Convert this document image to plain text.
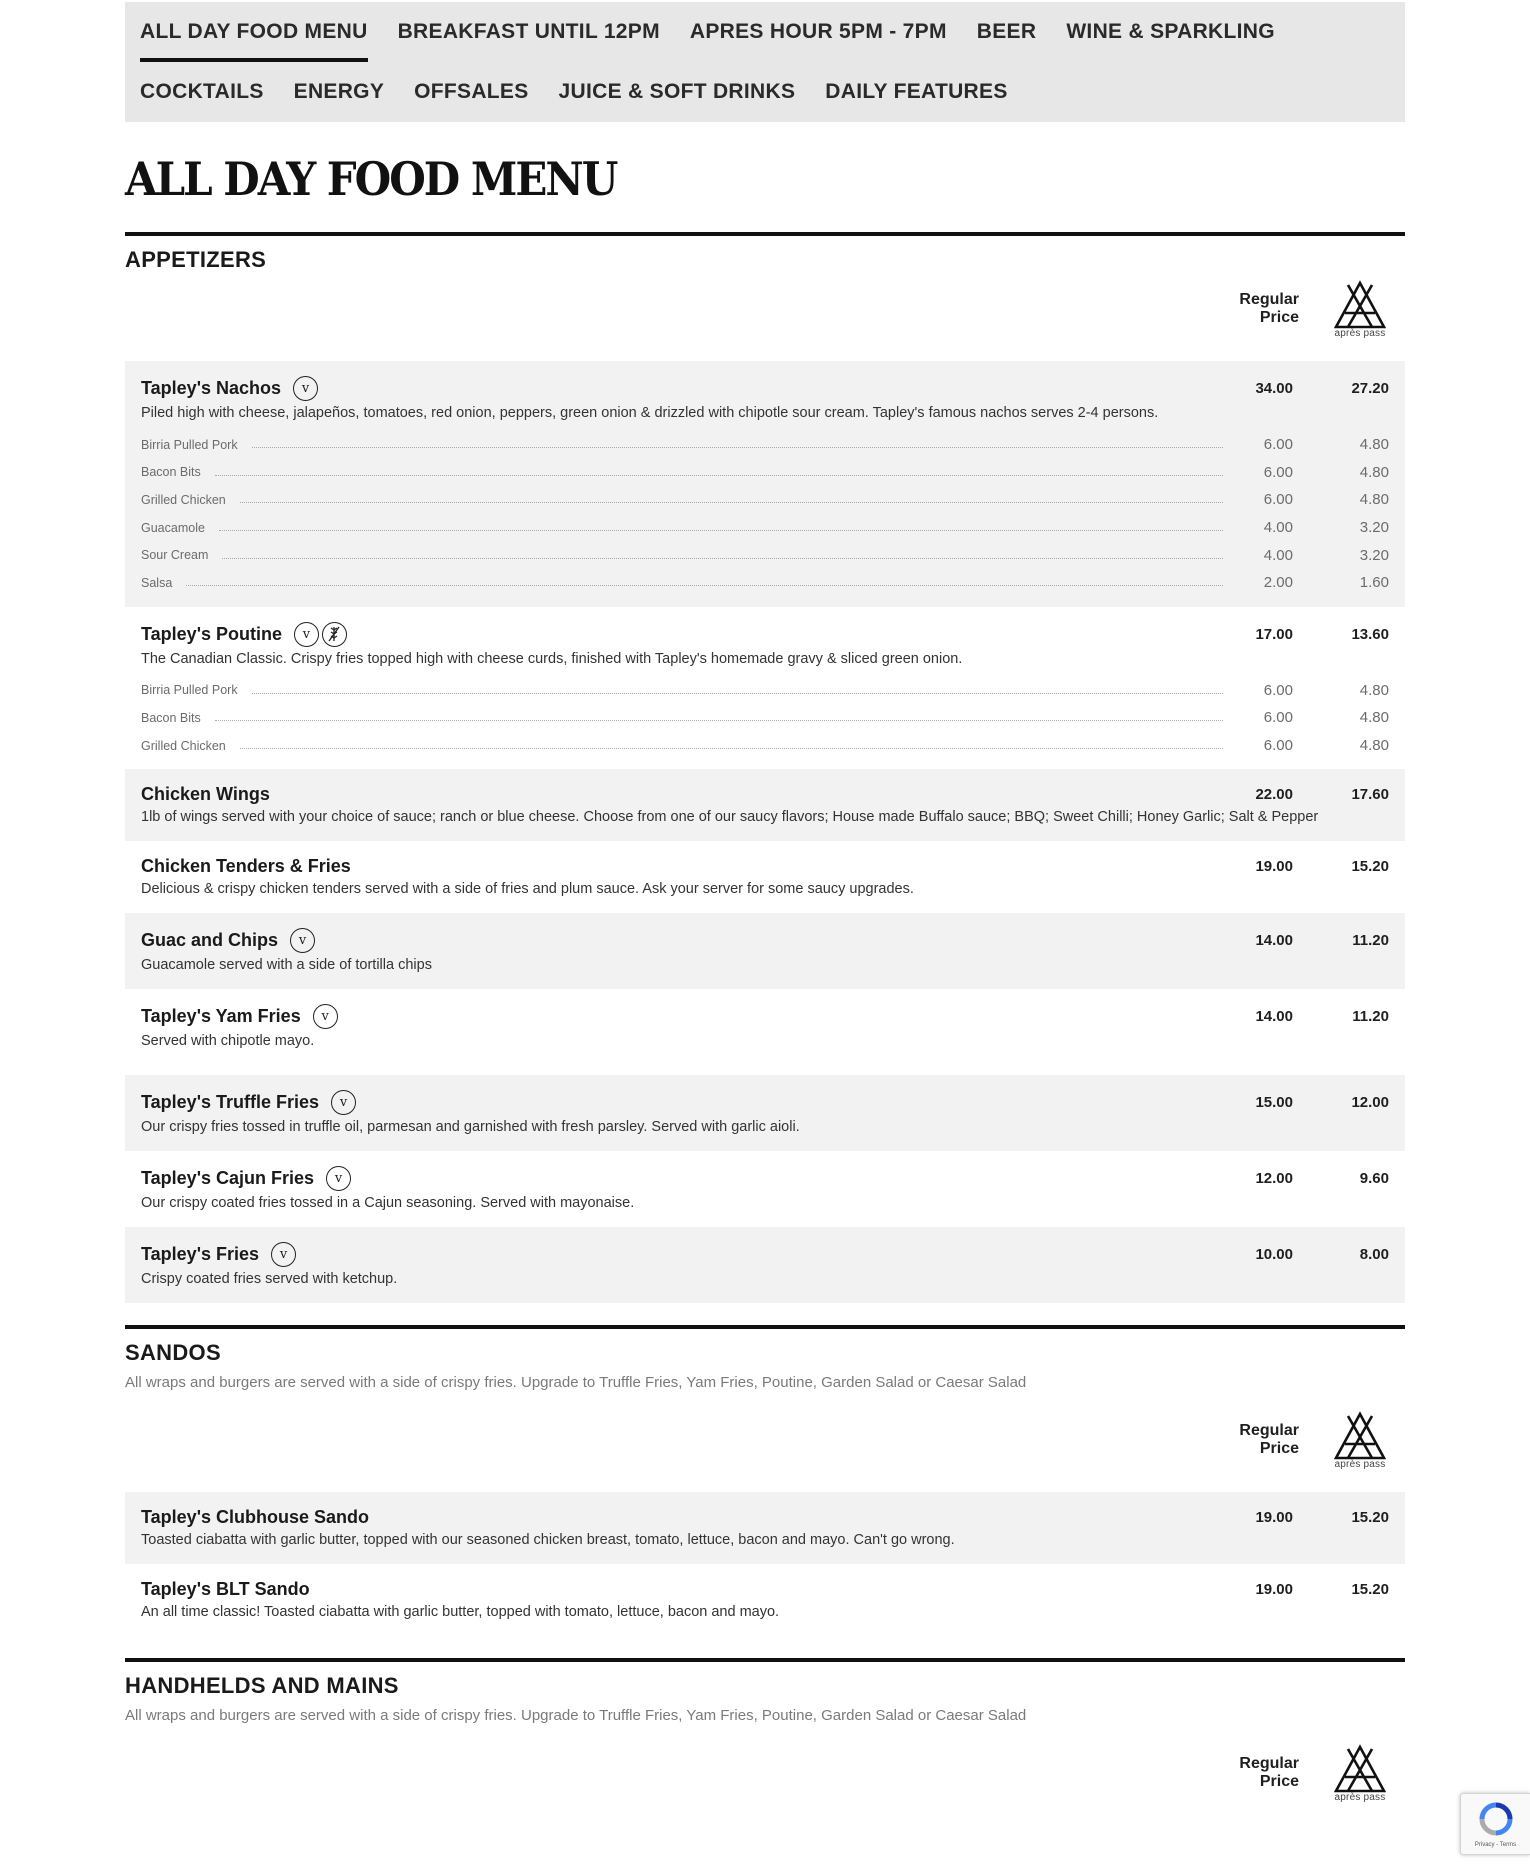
ALL DAY FOOD MENU BREAKFAST UNTIL 12PM APRES HOUR 5PM - 7PM BEER WINE & SPARKLING
COCKTAILS ENERGY OFFSALES JUICE & SOFT DRINKS DAILY FEATURES
ALL DAY FOOD MENU
APPETIZERS
Regular Price
après pass
Tapley's Nachos	v	34.00	27.20
Piled high with cheese, jalapeños, tomatoes, red onion, peppers, green onion & drizzled with chipotle sour cream. Tapley's famous nachos serves 2-4 persons.
Birria Pulled Pork	6.00	4.80
Bacon Bits	6.00	4.80
Grilled Chicken	6.00	4.80
Guacamole	4.00	3.20
Sour Cream	4.00	3.20
Salsa	2.00	1.60
Tapley's Poutine	v	17.00	13.60
The Canadian Classic. Crispy fries topped high with cheese curds, finished with Tapley's homemade gravy & sliced green onion.
Birria Pulled Pork	6.00	4.80
Bacon Bits	6.00	4.80
Grilled Chicken	6.00	4.80
Chicken Wings	22.00	17.60
1lb of wings served with your choice of sauce; ranch or blue cheese. Choose from one of our saucy flavors; House made Buffalo sauce; BBQ; Sweet Chilli; Honey Garlic; Salt & Pepper
Chicken Tenders & Fries	19.00	15.20
Delicious & crispy chicken tenders served with a side of fries and plum sauce. Ask your server for some saucy upgrades.
Guac and Chips	v	14.00	11.20
Guacamole served with a side of tortilla chips
Tapley's Yam Fries	v	14.00	11.20
Served with chipotle mayo.
Tapley's Truffle Fries	v	15.00	12.00
Our crispy fries tossed in truffle oil, parmesan and garnished with fresh parsley. Served with garlic aioli.
Tapley's Cajun Fries	v	12.00	9.60
Our crispy coated fries tossed in a Cajun seasoning. Served with mayonaise.
Tapley's Fries	v	10.00	8.00
Crispy coated fries served with ketchup.
SANDOS
All wraps and burgers are served with a side of crispy fries. Upgrade to Truffle Fries, Yam Fries, Poutine, Garden Salad or Caesar Salad
Regular Price
après pass
Tapley's Clubhouse Sando	19.00	15.20
Toasted ciabatta with garlic butter, topped with our seasoned chicken breast, tomato, lettuce, bacon and mayo. Can't go wrong.
Tapley's BLT Sando	19.00	15.20
An all time classic! Toasted ciabatta with garlic butter, topped with tomato, lettuce, bacon and mayo.
HANDHELDS AND MAINS
All wraps and burgers are served with a side of crispy fries. Upgrade to Truffle Fries, Yam Fries, Poutine, Garden Salad or Caesar Salad
Regular Price
après pass
Privacy - Terms
